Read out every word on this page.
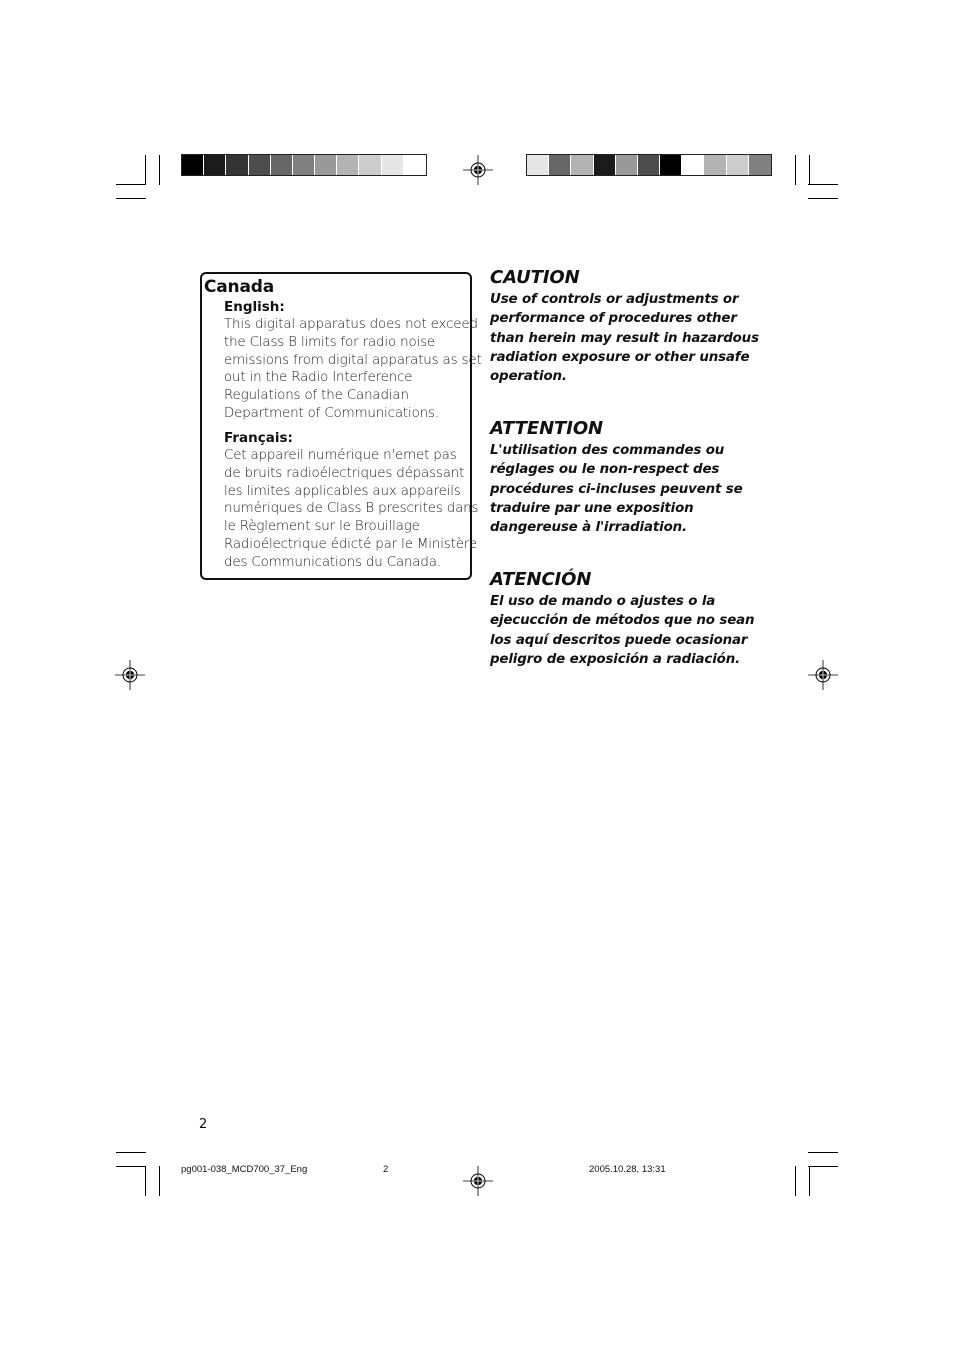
Canada
English:
This digital apparatus does not exceed
the Class B limits for radio noise
emissions from digital apparatus as set
out in the Radio Interference
Regulations of the Canadian
Department of Communications.
Français:
Cet appareil numérique n'emet pas
de bruits radioélectriques dépassant
les limites applicables aux appareils
numériques de Class B prescrites dans
le Règlement sur le Brouillage
Radioélectrique édicté par le Ministère
des Communications du Canada.
CAUTION
Use of controls or adjustments or
performance of procedures other
than herein may result in hazardous
radiation exposure or other unsafe
operation.
ATTENTION
L'utilisation des commandes ou
réglages ou le non-respect des
procédures ci-incluses peuvent se
traduire par une exposition
dangereuse à l'irradiation.
ATENCIÓN
El uso de mando o ajustes o la
ejecucción de métodos que no sean
los aquí descritos puede ocasionar
peligro de exposición a radiación.
2
pg001-038_MCD700_37_Eng	2	2005.10.28, 13:31
